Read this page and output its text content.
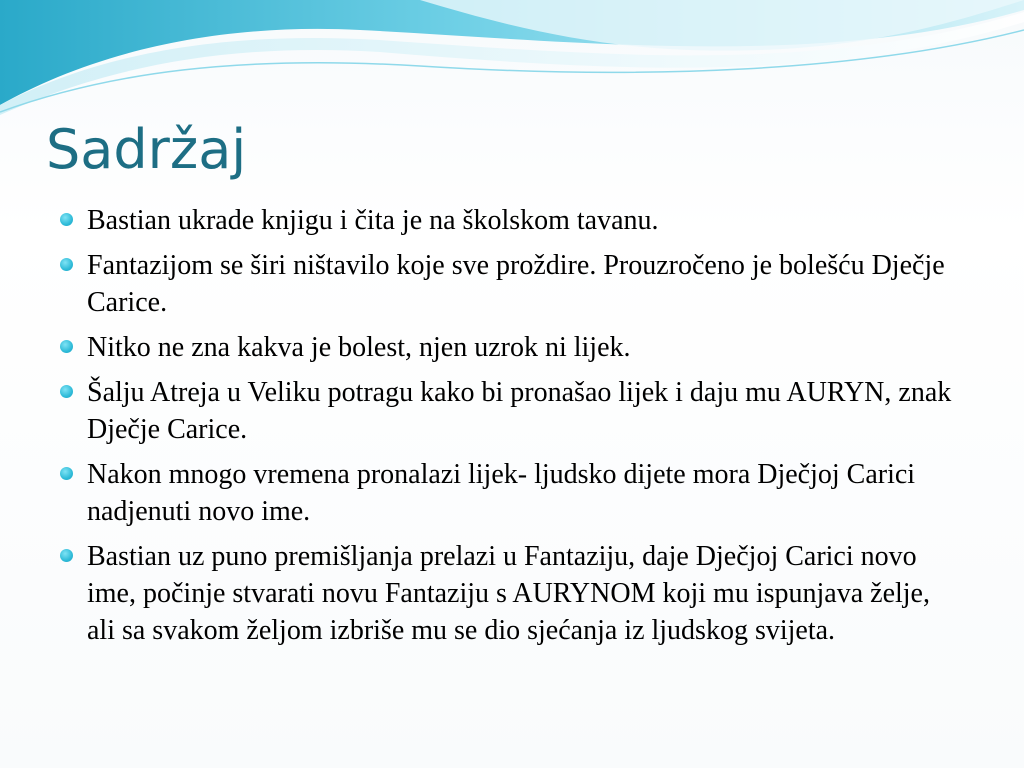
Sadržaj
Bastian ukrade knjigu i čita je na školskom tavanu.
Fantazijom se širi ništavilo koje sve proždire. Prouzročeno je bolešću Dječje Carice.
Nitko ne zna kakva je bolest, njen uzrok ni lijek.
Šalju Atreja u Veliku potragu kako bi pronašao lijek i daju mu AURYN, znak Dječje Carice.
Nakon mnogo vremena pronalazi lijek- ljudsko dijete mora Dječjoj Carici nadjenuti novo ime.
Bastian uz puno premišljanja prelazi u Fantaziju, daje Dječjoj Carici novo ime, počinje stvarati novu Fantaziju s AURYNOM koji mu ispunjava želje, ali sa svakom željom izbriše mu se dio sjećanja iz ljudskog svijeta.
